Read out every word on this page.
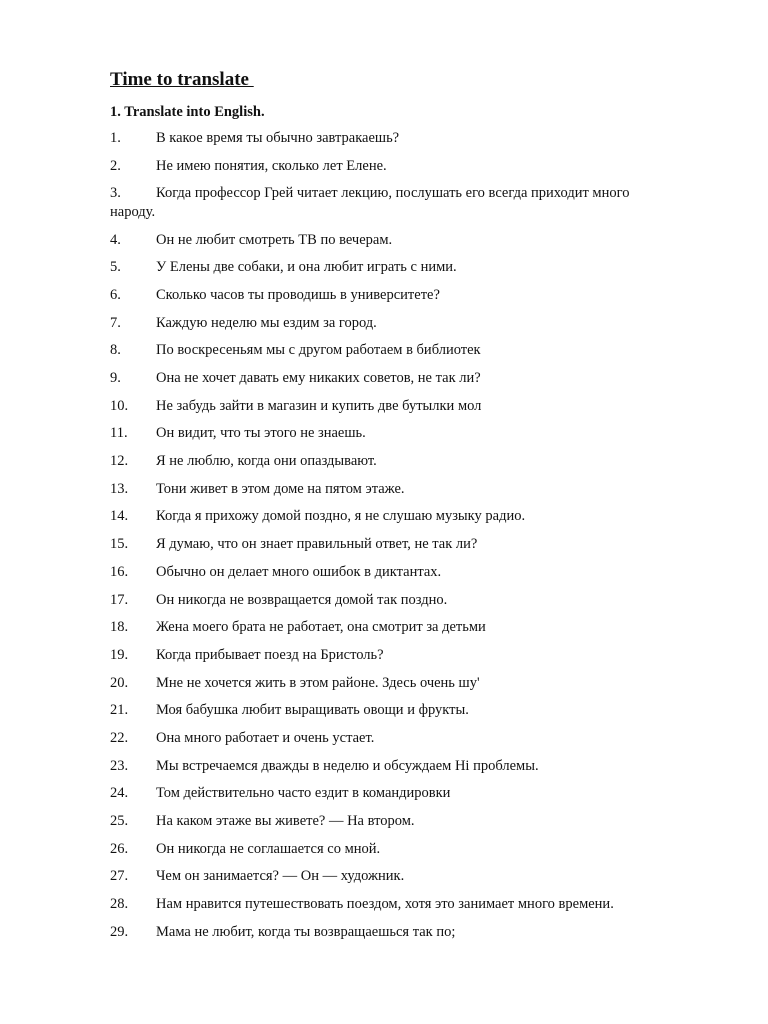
Time to translate
1. Translate into English.
1. В какое время ты обычно завтракаешь?
2. Не имею понятия, сколько лет Елене.
3. Когда профессор Грей читает лекцию, послушать его всегда приходит много народу.
4. Он не любит смотреть ТВ по вечерам.
5. У Елены две собаки, и она любит играть с ними.
6. Сколько часов ты проводишь в университете?
7. Каждую неделю мы ездим за город.
8. По воскресеньям мы с другом работаем в библиотек
9. Она не хочет давать ему никаких советов, не так ли?
10. Не забудь зайти в магазин и купить две бутылки мол
11. Он видит, что ты этого не знаешь.
12. Я не люблю, когда они опаздывают.
13. Тони живет в этом доме на пятом этаже.
14. Когда я прихожу домой поздно, я не слушаю музыку радио.
15. Я думаю, что он знает правильный ответ, не так ли?
16. Обычно он делает много ошибок в диктантах.
17. Он никогда не возвращается домой так поздно.
18. Жена моего брата не работает, она смотрит за детьми
19. Когда прибывает поезд на Бристоль?
20. Мне не хочется жить в этом районе. Здесь очень шу'
21. Моя бабушка любит выращивать овощи и фрукты.
22. Она много работает и очень устает.
23. Мы встречаемся дважды в неделю и обсуждаем Hi проблемы.
24. Том действительно часто ездит в командировки
25. На каком этаже вы живете? — На втором.
26. Он никогда не соглашается со мной.
27. Чем он занимается? — Он — художник.
28. Нам нравится путешествовать поездом, хотя это занимает много времени.
29. Мама не любит, когда ты возвращаешься так по;
